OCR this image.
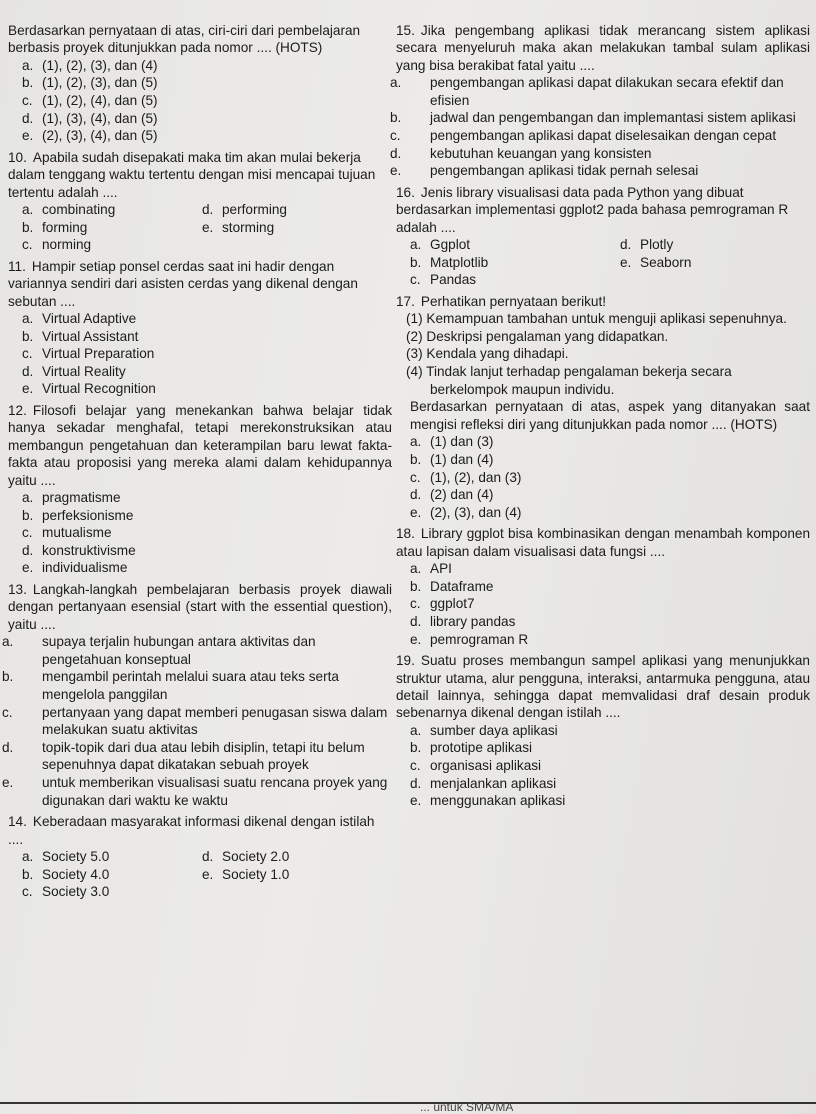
Berdasarkan pernyataan di atas, ciri-ciri dari pembelajaran berbasis proyek ditunjukkan pada nomor .... (HOTS)
a. (1), (2), (3), dan (4)
b. (1), (2), (3), dan (5)
c. (1), (2), (4), dan (5)
d. (1), (3), (4), dan (5)
e. (2), (3), (4), dan (5)
10. Apabila sudah disepakati maka tim akan mulai bekerja dalam tenggang waktu tertentu dengan misi mencapai tujuan tertentu adalah ....
a. combinating	d. performing
b. forming	e. storming
c. norming
11. Hampir setiap ponsel cerdas saat ini hadir dengan variannya sendiri dari asisten cerdas yang dikenal dengan sebutan ....
a. Virtual Adaptive
b. Virtual Assistant
c. Virtual Preparation
d. Virtual Reality
e. Virtual Recognition
12. Filosofi belajar yang menekankan bahwa belajar tidak hanya sekadar menghafal, tetapi merekonstruksikan atau membangun pengetahuan dan keterampilan baru lewat fakta-fakta atau proposisi yang mereka alami dalam kehidupannya yaitu ....
a. pragmatisme
b. perfeksionisme
c. mutualisme
d. konstruktivisme
e. individualisme
13. Langkah-langkah pembelajaran berbasis proyek diawali dengan pertanyaan esensial (start with the essential question), yaitu ....
a. supaya terjalin hubungan antara aktivitas dan pengetahuan konseptual
b. mengambil perintah melalui suara atau teks serta mengelola panggilan
c. pertanyaan yang dapat memberi penugasan siswa dalam melakukan suatu aktivitas
d. topik-topik dari dua atau lebih disiplin, tetapi itu belum sepenuhnya dapat dikatakan sebuah proyek
e. untuk memberikan visualisasi suatu rencana proyek yang digunakan dari waktu ke waktu
14. Keberadaan masyarakat informasi dikenal dengan istilah ....
a. Society 5.0	d. Society 2.0
b. Society 4.0	e. Society 1.0
c. Society 3.0
15. Jika pengembang aplikasi tidak merancang sistem aplikasi secara menyeluruh maka akan melakukan tambal sulam aplikasi yang bisa berakibat fatal yaitu ....
a. pengembangan aplikasi dapat dilakukan secara efektif dan efisien
b. jadwal dan pengembangan dan implemantasi sistem aplikasi
c. pengembangan aplikasi dapat diselesaikan dengan cepat
d. kebutuhan keuangan yang konsisten
e. pengembangan aplikasi tidak pernah selesai
16. Jenis library visualisasi data pada Python yang dibuat berdasarkan implementasi ggplot2 pada bahasa pemrograman R adalah ....
a. Ggplot	d. Plotly
b. Matplotlib	e. Seaborn
c. Pandas
17. Perhatikan pernyataan berikut!
(1) Kemampuan tambahan untuk menguji aplikasi sepenuhnya.
(2) Deskripsi pengalaman yang didapatkan.
(3) Kendala yang dihadapi.
(4) Tindak lanjut terhadap pengalaman bekerja secara berkelompok maupun individu.
Berdasarkan pernyataan di atas, aspek yang ditanyakan saat mengisi refleksi diri yang ditunjukkan pada nomor .... (HOTS)
a. (1) dan (3)
b. (1) dan (4)
c. (1), (2), dan (3)
d. (2) dan (4)
e. (2), (3), dan (4)
18. Library ggplot bisa kombinasikan dengan menambah komponen atau lapisan dalam visualisasi data fungsi ....
a. API
b. Dataframe
c. ggplot7
d. library pandas
e. pemrograman R
19. Suatu proses membangun sampel aplikasi yang menunjukkan struktur utama, alur pengguna, interaksi, antarmuka pengguna, atau detail lainnya, sehingga dapat memvalidasi draf desain produk sebenarnya dikenal dengan istilah ....
a. sumber daya aplikasi
b. prototipe aplikasi
c. organisasi aplikasi
d. menjalankan aplikasi
e. menggunakan aplikasi
... untuk SMA/MA
